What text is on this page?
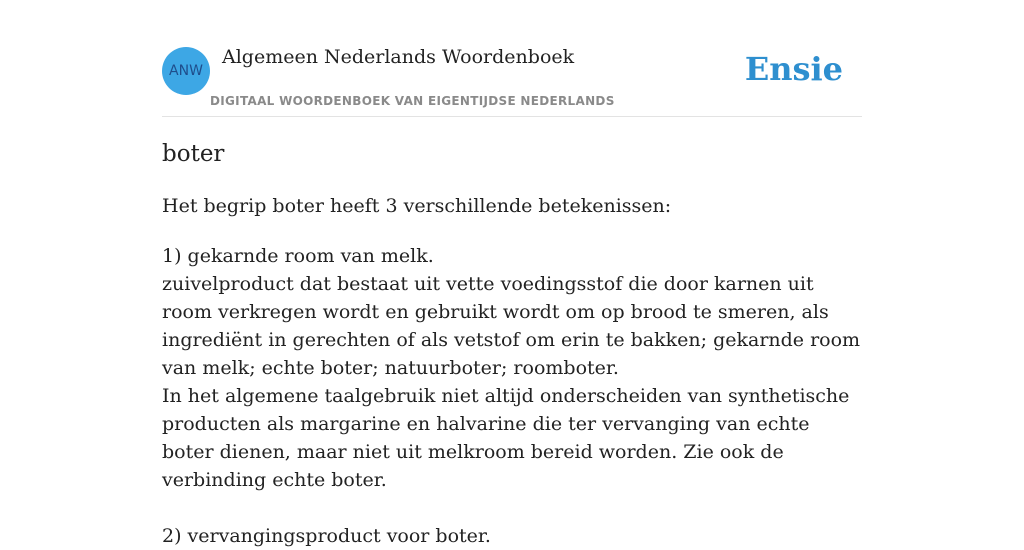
ANW
Algemeen Nederlands Woordenboek
DIGITAAL WOORDENBOEK VAN EIGENTIJDSE NEDERLANDS
Ensie
boter

Het begrip boter heeft 3 verschillende betekenissen:

1) gekarnde room van melk.

zuivelproduct dat bestaat uit vette voedingsstof die door karnen uit room verkregen wordt en gebruikt wordt om op brood te smeren, als ingrediënt in gerechten of als vetstof om erin te bakken; gekarnde room van melk; echte boter; natuurboter; roomboter.

In het algemene taalgebruik niet altijd onderscheiden van synthetische producten als margarine en halvarine die ter vervanging van echte boter dienen, maar niet uit melkroom bereid worden. Zie ook de verbinding echte boter.

2) vervangingsproduct voor boter.
